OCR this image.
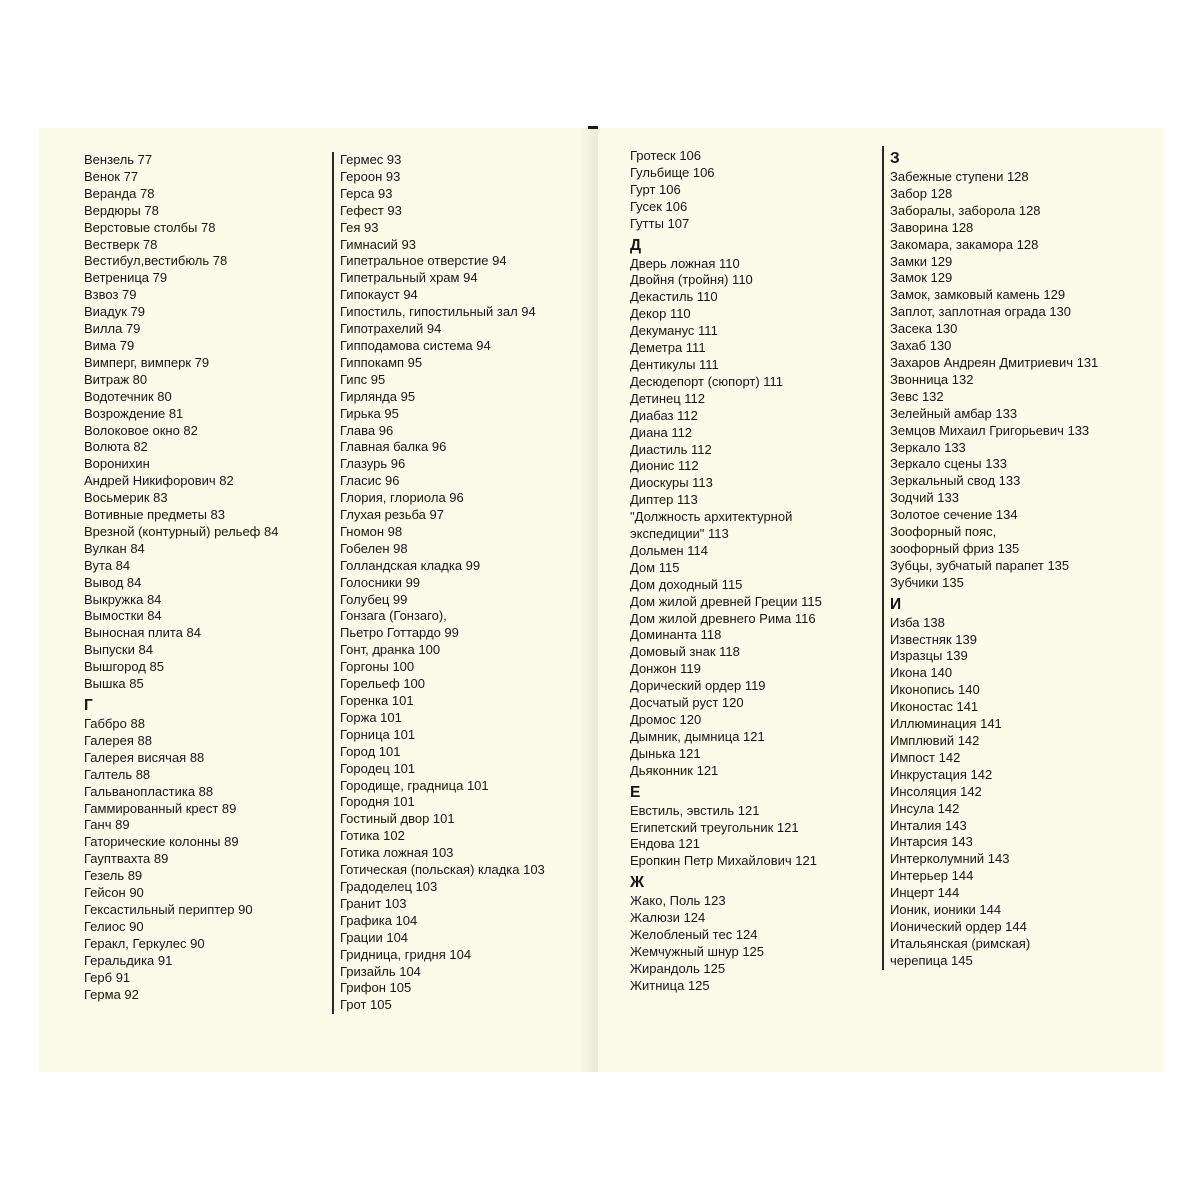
Вензель 77
Венок 77
Веранда 78
Вердюры 78
Верстовые столбы 78
Вестверк 78
Вестибул,вестибюль 78
Ветреница 79
Взвоз 79
Виадук 79
Вилла 79
Вима 79
Вимперг, вимперк 79
Витраж 80
Водотечник 80
Возрождение 81
Волоковое окно 82
Волюта 82
Воронихин
Андрей Никифорович 82
Восьмерик 83
Вотивные предметы 83
Врезной (контурный) рельеф 84
Вулкан 84
Вута 84
Вывод 84
Выкружка 84
Вымостки 84
Выносная плита 84
Выпуски 84
Вышгород 85
Вышка 85
Г
Габбро 88
Галерея 88
Галерея висячая 88
Галтель 88
Гальванопластика 88
Гаммированный крест 89
Ганч 89
Гаторические колонны 89
Гауптвахта 89
Гезель 89
Гейсон 90
Гексастильный периптер 90
Гелиос 90
Геракл, Геркулес 90
Геральдика 91
Герб 91
Герма 92
Гермес 93
Героон 93
Герса 93
Гефест 93
Гея 93
Гимнасий 93
Гипетральное отверстие 94
Гипетральный храм 94
Гипокауст 94
Гипостиль, гипостильный зал 94
Гипотрахелий 94
Гипподамова система 94
Гиппокамп 95
Гипс 95
Гирлянда 95
Гирька 95
Глава 96
Главная балка 96
Глазурь 96
Гласис 96
Глория, глориола 96
Глухая резьба 97
Гномон 98
Гобелен 98
Голландская кладка 99
Голосники 99
Голубец 99
Гонзага (Гонзаго),
Пьетро Готтардо 99
Гонт, дранка 100
Горгоны 100
Горельеф 100
Горенка 101
Горжа 101
Горница 101
Город 101
Городец 101
Городище, градница 101
Городня 101
Гостиный двор 101
Готика 102
Готика ложная 103
Готическая (польская) кладка 103
Градоделец 103
Гранит 103
Графика 104
Грации 104
Гридница, гридня 104
Гризайль 104
Грифон 105
Грот 105
Гротеск 106
Гульбище 106
Гурт 106
Гусек 106
Гутты 107
Д
Дверь ложная 110
Двойня (тройня) 110
Декастиль 110
Декор 110
Декуманус 111
Деметра 111
Дентикулы 111
Десюдепорт (сюпорт) 111
Детинец 112
Диабаз 112
Диана 112
Диастиль 112
Дионис 112
Диоскуры 113
Диптер 113
"Должность архитектурной
экспедиции" 113
Дольмен 114
Дом 115
Дом доходный 115
Дом жилой древней Греции 115
Дом жилой древнего Рима 116
Доминанта 118
Домовый знак 118
Донжон 119
Дорический ордер 119
Досчатый руст 120
Дромос 120
Дымник, дымница 121
Дынька 121
Дьяконник 121
Е
Евстиль, эвстиль 121
Египетский треугольник 121
Ендова 121
Еропкин Петр Михайлович 121
Ж
Жако, Поль 123
Жалюзи 124
Желобленый тес 124
Жемчужный шнур 125
Жирандоль 125
Житница 125
З
Забежные ступени 128
Забор 128
Заборалы, заборола 128
Заворина 128
Закомара, закамора 128
Замки 129
Замок 129
Замок, замковый камень 129
Заплот, заплотная ограда 130
Засека 130
Захаб 130
Захаров Андреян Дмитриевич 131
Звонница 132
Зевс 132
Зелейный амбар 133
Земцов Михаил Григорьевич 133
Зеркало 133
Зеркало сцены 133
Зеркальный свод 133
Зодчий 133
Золотое сечение 134
Зоофорный пояс,
зоофорный фриз 135
Зубцы, зубчатый парапет 135
Зубчики 135
И
Изба 138
Известняк 139
Изразцы 139
Икона 140
Иконопись 140
Иконостас 141
Иллюминация 141
Имплювий 142
Импост 142
Инкрустация 142
Инсоляция 142
Инсула 142
Инталия 143
Интарсия 143
Интерколумний 143
Интерьер 144
Инцерт 144
Ионик, ионики 144
Ионический ордер 144
Итальянская (римская)
черепица 145
